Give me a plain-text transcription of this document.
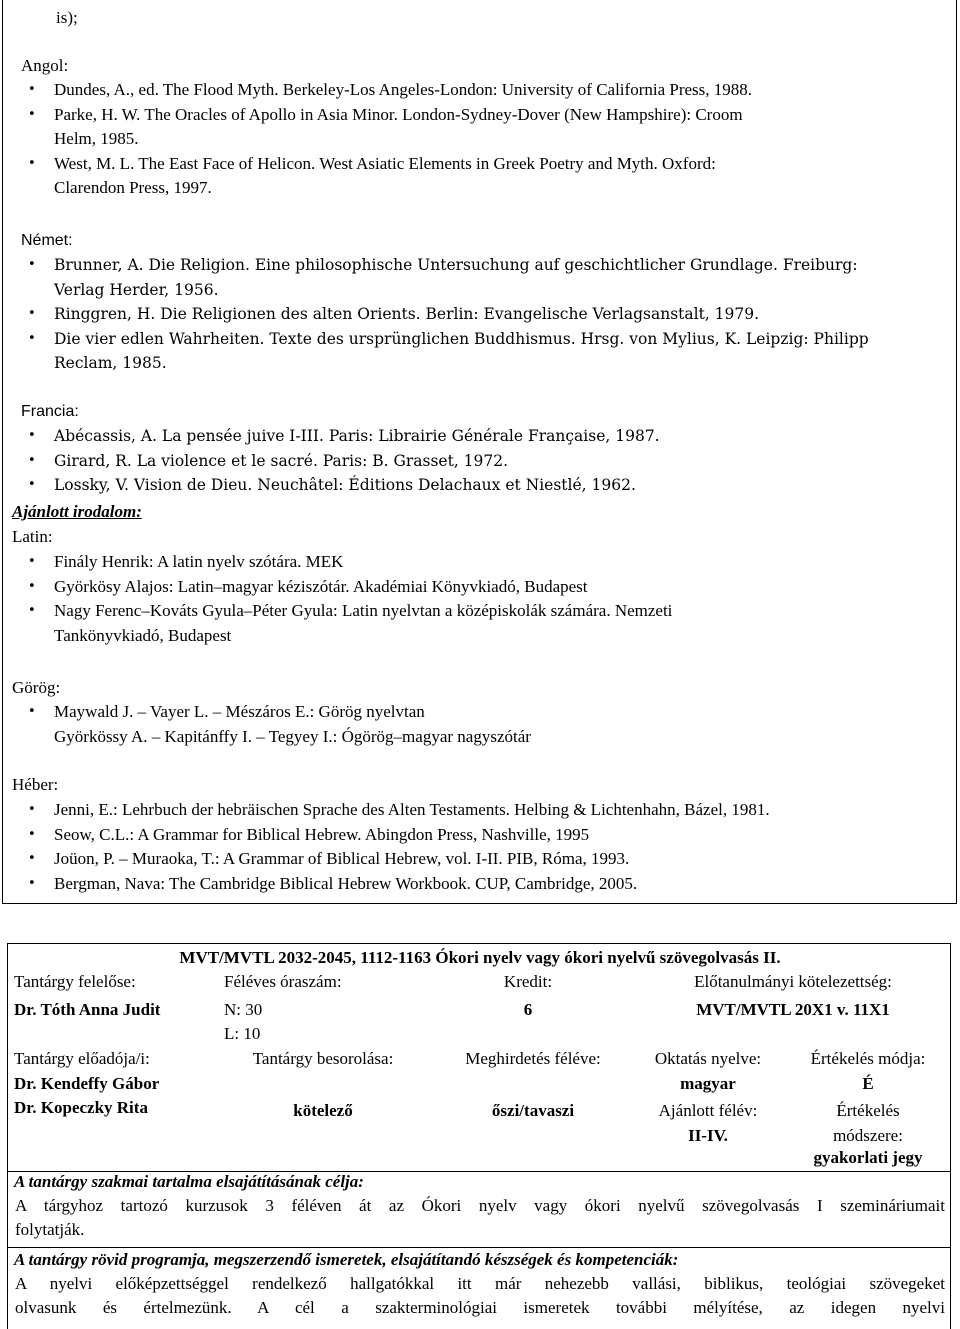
is);
Angol:
• Dundes, A., ed. The Flood Myth. Berkeley-Los Angeles-London: University of California Press, 1988.
• Parke, H. W. The Oracles of Apollo in Asia Minor. London-Sydney-Dover (New Hampshire): Croom
Helm, 1985.
• West, M. L. The East Face of Helicon. West Asiatic Elements in Greek Poetry and Myth. Oxford:
Clarendon Press, 1997.
Német:
• Brunner, A. Die Religion. Eine philosophische Untersuchung auf geschichtlicher Grundlage. Freiburg:
Verlag Herder, 1956.
• Ringgren, H. Die Religionen des alten Orients. Berlin: Evangelische Verlagsanstalt, 1979.
• Die vier edlen Wahrheiten. Texte des ursprünglichen Buddhismus. Hrsg. von Mylius, K. Leipzig: Philipp
Reclam, 1985.
Francia:
• Abécassis, A. La pensée juive I-III. Paris: Librairie Générale Française, 1987.
• Girard, R. La violence et le sacré. Paris: B. Grasset, 1972.
• Lossky, V. Vision de Dieu. Neuchâtel: Éditions Delachaux et Niestlé, 1962.
Ajánlott irodalom:
Latin:
• Finály Henrik: A latin nyelv szótára. MEK
• Györkösy Alajos: Latin–magyar kéziszótár. Akadémiai Könyvkiadó, Budapest
• Nagy Ferenc–Kováts Gyula–Péter Gyula: Latin nyelvtan a középiskolák számára. Nemzeti
Tankönyvkiadó, Budapest
Görög:
• Maywald J. – Vayer L. – Mészáros E.: Görög nyelvtan
Györkössy A. – Kapitánffy I. – Tegyey I.: Ógörög–magyar nagyszótár
Héber:
• Jenni, E.: Lehrbuch der hebräischen Sprache des Alten Testaments. Helbing & Lichtenhahn, Bázel, 1981.
• Seow, C.L.: A Grammar for Biblical Hebrew. Abingdon Press, Nashville, 1995
• Joüon, P. – Muraoka, T.: A Grammar of Biblical Hebrew, vol. I-II. PIB, Róma, 1993.
• Bergman, Nava: The Cambridge Biblical Hebrew Workbook. CUP, Cambridge, 2005.
MVT/MVTL 2032-2045, 1112-1163 Ókori nyelv vagy ókori nyelvű szövegolvasás II.
Tantárgy felelőse:
Dr. Tóth Anna Judit
Féléves óraszám:
N: 30
L: 10
Kredit:
6
Előtanulmányi kötelezettség:
MVT/MVTL 20X1 v. 11X1
Tantárgy előadója/i:
Dr. Kendeffy Gábor
Dr. Kopeczky Rita
Tantárgy besorolása:
kötelező
Meghirdetés féléve:
őszi/tavaszi
Oktatás nyelve:
magyar
Ajánlott félév:
II-IV.
Értékelés módja:
É
Értékelés
módszere:
gyakorlati jegy
A tantárgy szakmai tartalma elsajátításának célja:
A tárgyhoz tartozó kurzusok 3 féléven át az Ókori nyelv vagy ókori nyelvű szövegolvasás I szemináriumait
folytatják.
A tantárgy rövid programja, megszerzendő ismeretek, elsajátítandó készségek és kompetenciák:
A nyelvi előképzettséggel rendelkező hallgatókkal itt már nehezebb vallási, biblikus, teológiai szövegeket
olvasunk és értelmezünk. A cél a szakterminológiai ismeretek további mélyítése, az idegen nyelvi
